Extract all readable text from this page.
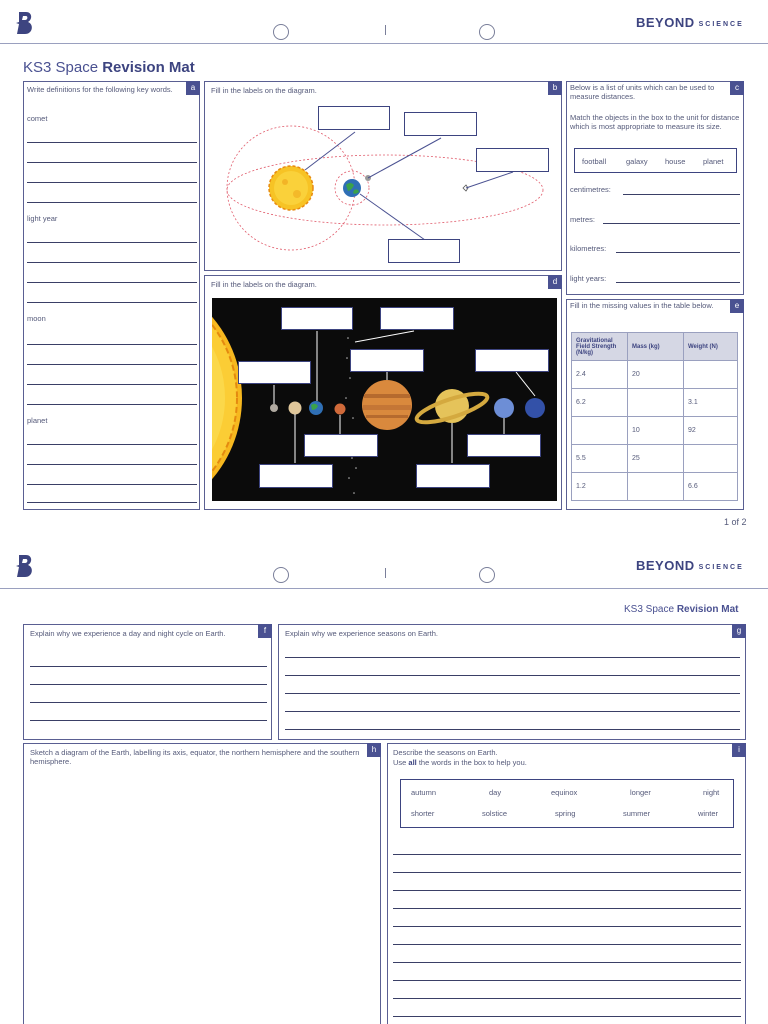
BEYOND SCIENCE
KS3 Space Revision Mat
a
Write definitions for the following key words.
comet
light year
moon
planet
b
Fill in the labels on the diagram.
d
Fill in the labels on the diagram.
c
Below is a list of units which can be used to measure distances.
Match the objects in the box to the unit for distance which is most appropriate to measure its size.
football	galaxy house planet
centimetres:
metres:
kilometres:
light years:
e
Fill in the missing values in the table below.
Gravitational Field Strength (N/kg)	Mass (kg)	Weight (N)
2.4	20	
6.2		3.1
	10	92
5.5	25	
1.2		6.6
1 of 2
BEYOND SCIENCE
KS3 Space Revision Mat
f
Explain why we experience a day and night cycle on Earth.	g
Explain why we experience seasons on Earth.
h
Sketch a diagram of the Earth, labelling its axis, equator, the northern hemisphere and the southern hemisphere.
i
Describe the seasons on Earth.
Use all the words in the box to help you.
autumn	day	equinox	longer	night
shorter	solstice	spring	summer	winter
